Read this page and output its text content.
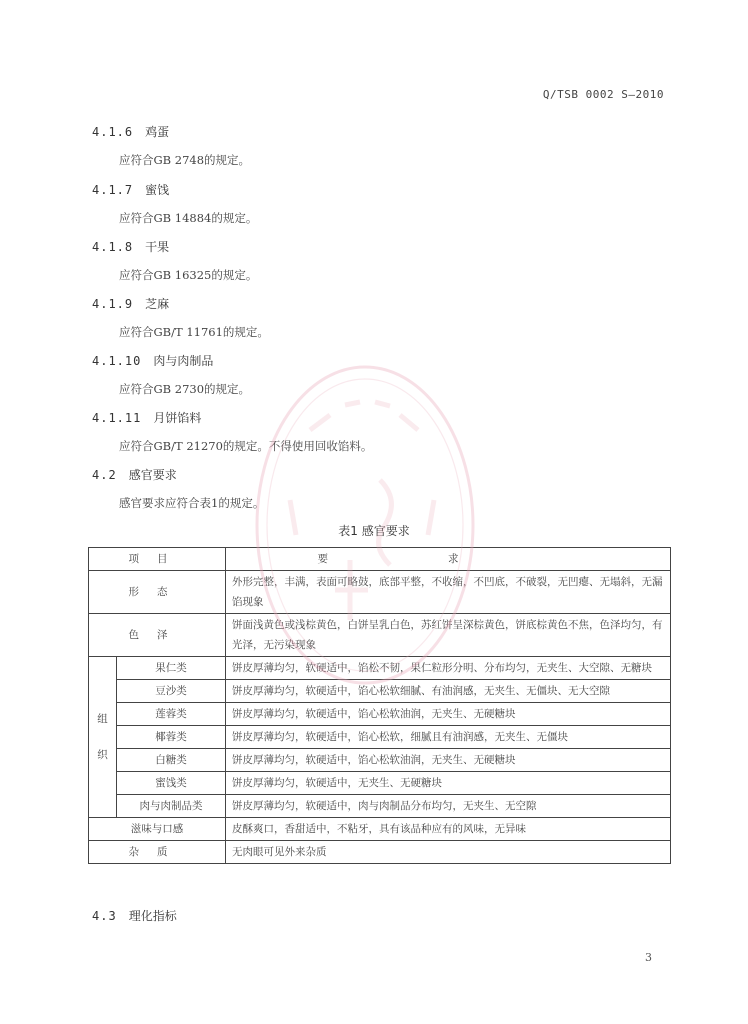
Q/TSB 0002 S—2010
4.1.6 鸡蛋
应符合GB 2748的规定。
4.1.7 蜜饯
应符合GB 14884的规定。
4.1.8 干果
应符合GB 16325的规定。
4.1.9 芝麻
应符合GB/T 11761的规定。
4.1.10 肉与肉制品
应符合GB 2730的规定。
4.1.11 月饼馅料
应符合GB/T 21270的规定。不得使用回收馅料。
4.2 感官要求
感官要求应符合表1的规定。
表1 感官要求
项目		要求
形态		外形完整，丰满，表面可略鼓，底部平整，不收缩，不凹底，不破裂，无凹瘪、无塌斜，无漏馅现象
色泽		饼面浅黄色或浅棕黄色，白饼呈乳白色，苏红饼呈深棕黄色，饼底棕黄色不焦，色泽均匀，有光泽，无污染现象

组
织	果仁类	饼皮厚薄均匀，软硬适中，馅松不韧，果仁粒形分明、分布均匀，无夹生、大空隙、无糖块
	豆沙类	饼皮厚薄均匀，软硬适中，馅心松软细腻、有油润感，无夹生、无僵块、无大空隙
	莲蓉类	饼皮厚薄均匀，软硬适中，馅心松软油润，无夹生、无硬糖块
	椰蓉类	饼皮厚薄均匀，软硬适中，馅心松软，细腻且有油润感，无夹生、无僵块
	白糖类	饼皮厚薄均匀，软硬适中，馅心松软油润，无夹生、无硬糖块
	蜜饯类	饼皮厚薄均匀，软硬适中，无夹生、无硬糖块
	肉与肉制品类	饼皮厚薄均匀，软硬适中，肉与肉制品分布均匀，无夹生、无空隙
滋味与口感		皮酥爽口，香甜适中，不粘牙，具有该品种应有的风味，无异味
杂质		无肉眼可见外来杂质
4.3 理化指标
3
